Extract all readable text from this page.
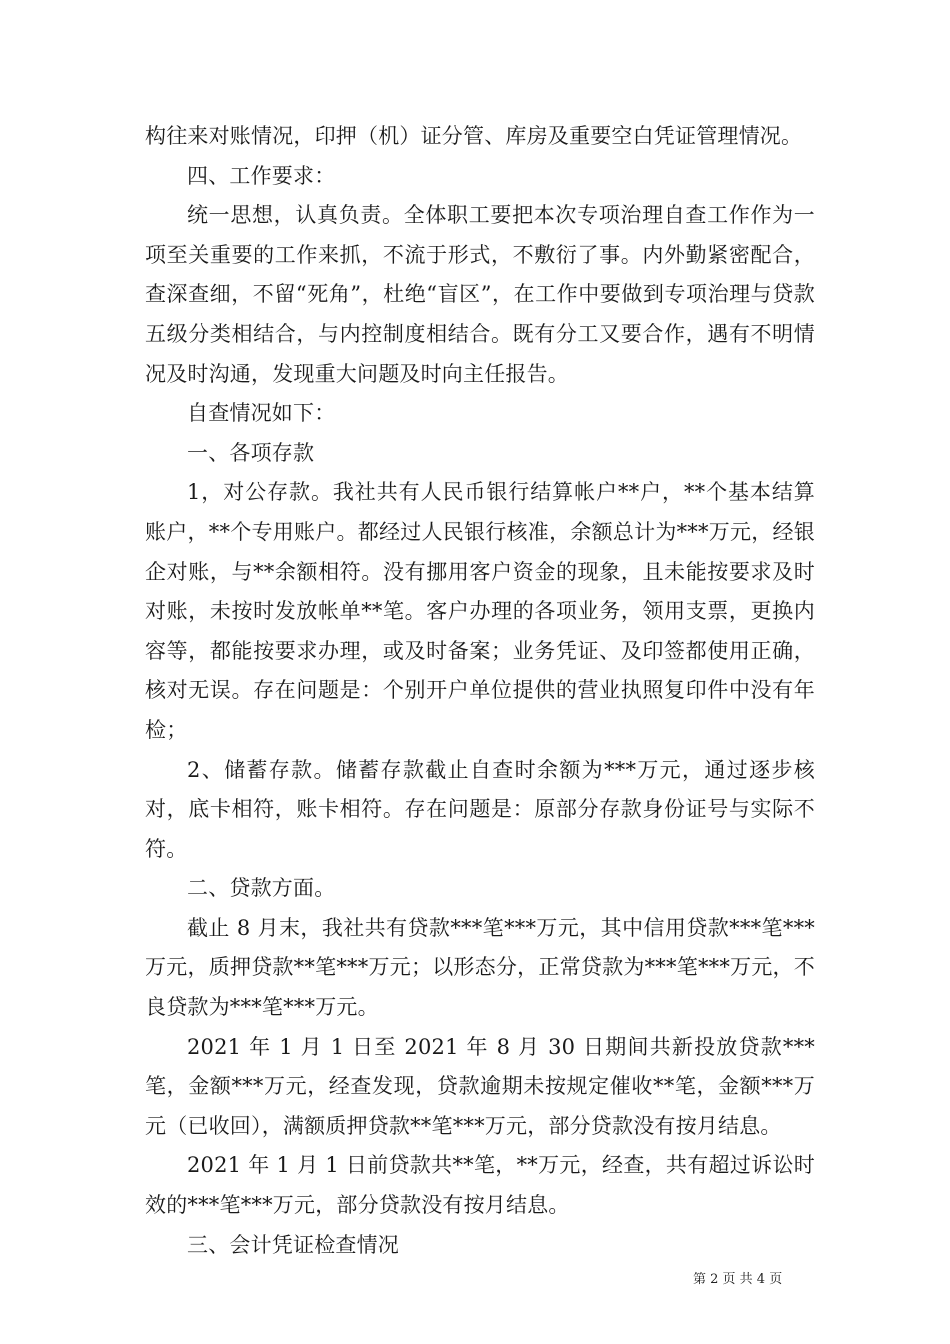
构往来对账情况，印押（机）证分管、库房及重要空白凭证管理情况。

四、工作要求：

统一思想，认真负责。全体职工要把本次专项治理自查工作作为一项至关重要的工作来抓，不流于形式，不敷衍了事。内外勤紧密配合，查深查细，不留“死角”，杜绝“盲区”，在工作中要做到专项治理与贷款五级分类相结合，与内控制度相结合。既有分工又要合作，遇有不明情况及时沟通，发现重大问题及时向主任报告。

自查情况如下：

一、各项存款

1，对公存款。我社共有人民币银行结算帐户**户，**个基本结算账户，**个专用账户。都经过人民银行核准，余额总计为***万元，经银企对账，与**余额相符。没有挪用客户资金的现象，且未能按要求及时对账，未按时发放帐单**笔。客户办理的各项业务，领用支票，更换内容等，都能按要求办理，或及时备案；业务凭证、及印签都使用正确，核对无误。存在问题是：个别开户单位提供的营业执照复印件中没有年检；

2、储蓄存款。储蓄存款截止自查时余额为***万元，通过逐步核对，底卡相符，账卡相符。存在问题是：原部分存款身份证号与实际不符。

二、贷款方面。

截止 8 月末，我社共有贷款***笔***万元，其中信用贷款***笔***万元，质押贷款**笔***万元；以形态分，正常贷款为***笔***万元，不良贷款为***笔***万元。

2021 年 1 月 1 日至 2021 年 8 月 30 日期间共新投放贷款***笔，金额***万元，经查发现，贷款逾期未按规定催收**笔，金额***万元（已收回），满额质押贷款**笔***万元，部分贷款没有按月结息。

2021 年 1 月 1 日前贷款共**笔，**万元，经查，共有超过诉讼时效的***笔***万元，部分贷款没有按月结息。

三、会计凭证检查情况

第 2 页 共 4 页
